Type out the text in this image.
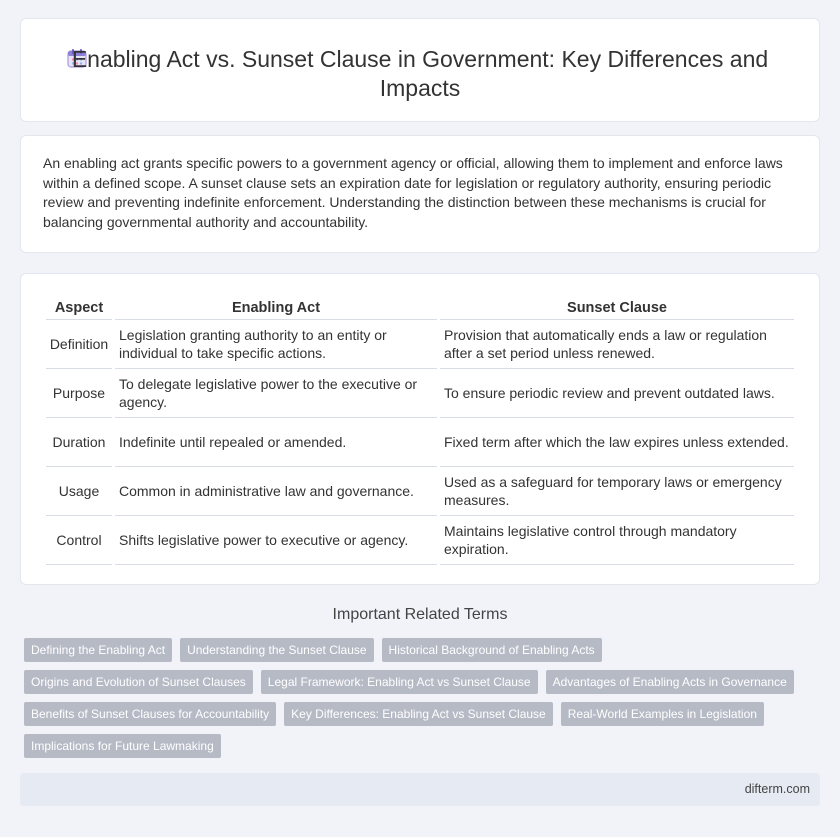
Enabling Act vs. Sunset Clause in Government: Key Differences and Impacts

An enabling act grants specific powers to a government agency or official, allowing them to implement and enforce laws within a defined scope. A sunset clause sets an expiration date for legislation or regulatory authority, ensuring periodic review and preventing indefinite enforcement. Understanding the distinction between these mechanisms is crucial for balancing governmental authority and accountability.

Aspect	Enabling Act	Sunset Clause
Definition	Legislation granting authority to an entity or individual to take specific actions.	Provision that automatically ends a law or regulation after a set period unless renewed.
Purpose	To delegate legislative power to the executive or agency.	To ensure periodic review and prevent outdated laws.
Duration	Indefinite until repealed or amended.	Fixed term after which the law expires unless extended.
Usage	Common in administrative law and governance.	Used as a safeguard for temporary laws or emergency measures.
Control	Shifts legislative power to executive or agency.	Maintains legislative control through mandatory expiration.
Important Related Terms
Defining the Enabling Act	Understanding the Sunset Clause	Historical Background of Enabling Acts
Origins and Evolution of Sunset Clauses	Legal Framework: Enabling Act vs Sunset Clause	Advantages of Enabling Acts in Governance
Benefits of Sunset Clauses for Accountability	Key Differences: Enabling Act vs Sunset Clause	Real-World Examples in Legislation
Implications for Future Lawmaking
difterm.com
